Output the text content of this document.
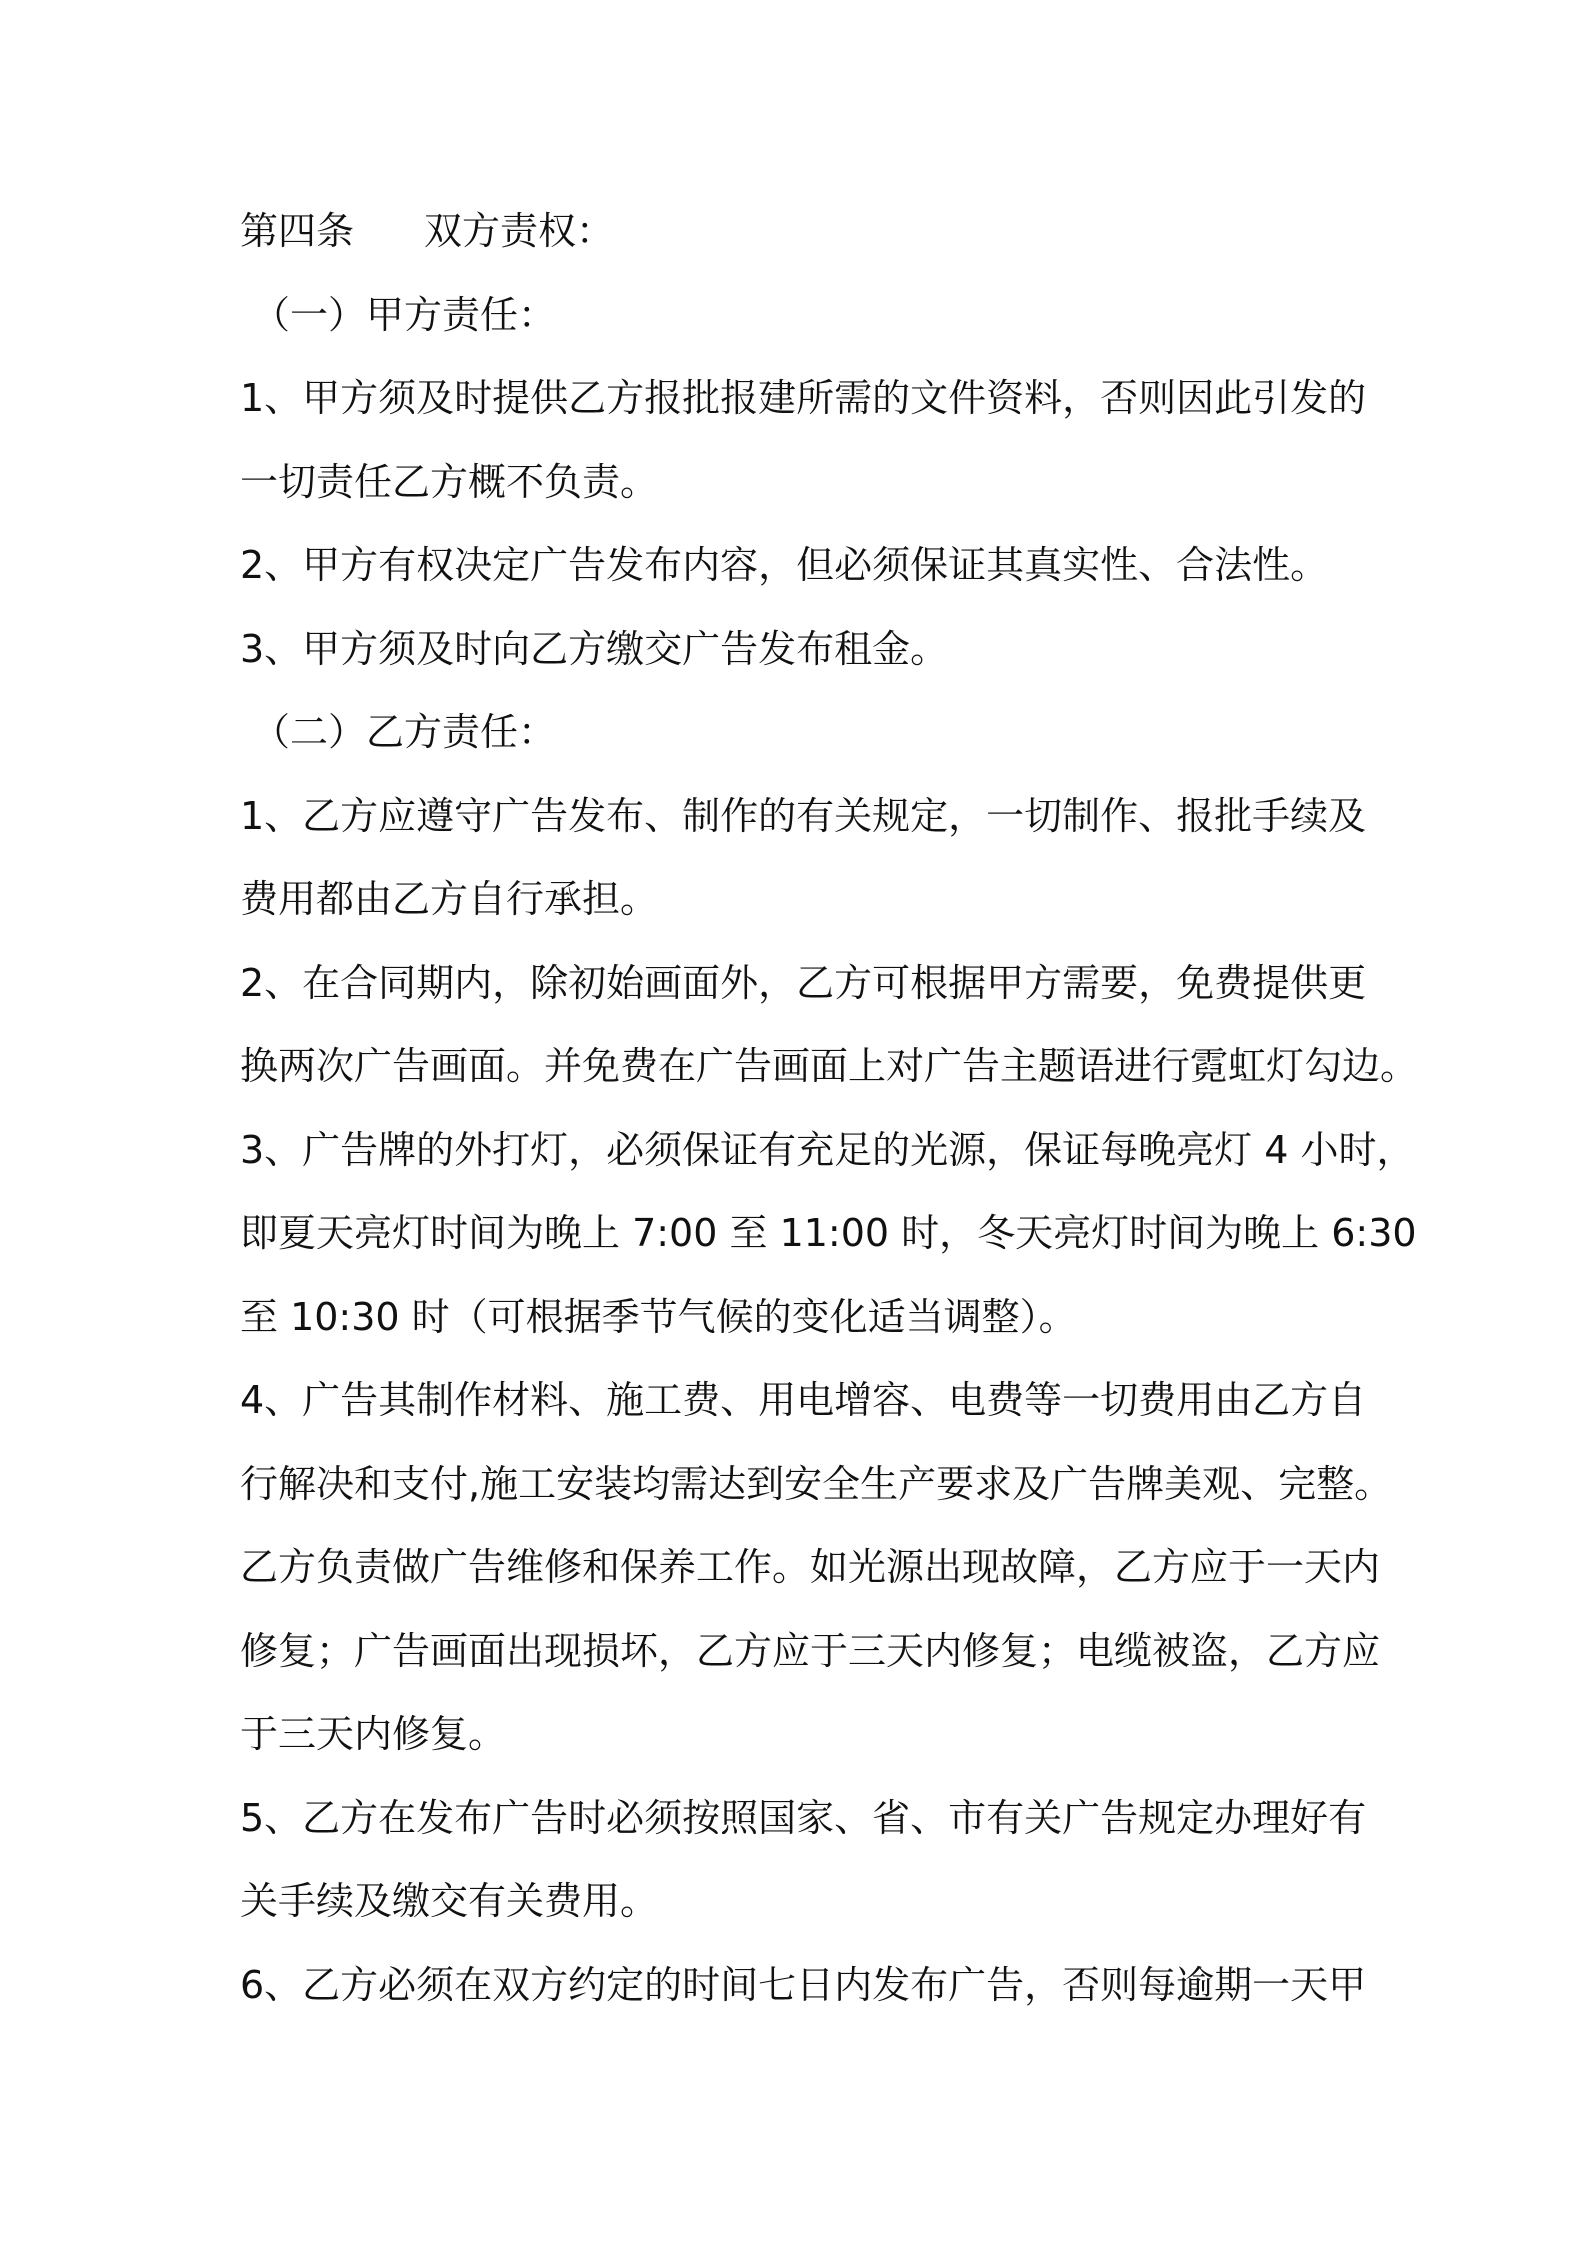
第四条 双方责权：
（一）甲方责任：
1、甲方须及时提供乙方报批报建所需的文件资料，否则因此引发的
一切责任乙方概不负责。
2、甲方有权决定广告发布内容，但必须保证其真实性、合法性。
3、甲方须及时向乙方缴交广告发布租金。
（二）乙方责任：
1、乙方应遵守广告发布、制作的有关规定，一切制作、报批手续及
费用都由乙方自行承担。
2、在合同期内，除初始画面外，乙方可根据甲方需要，免费提供更
换两次广告画面。并免费在广告画面上对广告主题语进行霓虹灯勾边。
3、广告牌的外打灯，必须保证有充足的光源，保证每晚亮灯 4 小时，
即夏天亮灯时间为晚上 7:00 至 11:00 时，冬天亮灯时间为晚上 6:30
至 10:30 时（可根据季节气候的变化适当调整）。
4、广告其制作材料、施工费、用电增容、电费等一切费用由乙方自
行解决和支付,施工安装均需达到安全生产要求及广告牌美观、完整。
乙方负责做广告维修和保养工作。如光源出现故障，乙方应于一天内
修复；广告画面出现损坏，乙方应于三天内修复；电缆被盗，乙方应
于三天内修复。
5、乙方在发布广告时必须按照国家、省、市有关广告规定办理好有
关手续及缴交有关费用。
6、乙方必须在双方约定的时间七日内发布广告，否则每逾期一天甲
